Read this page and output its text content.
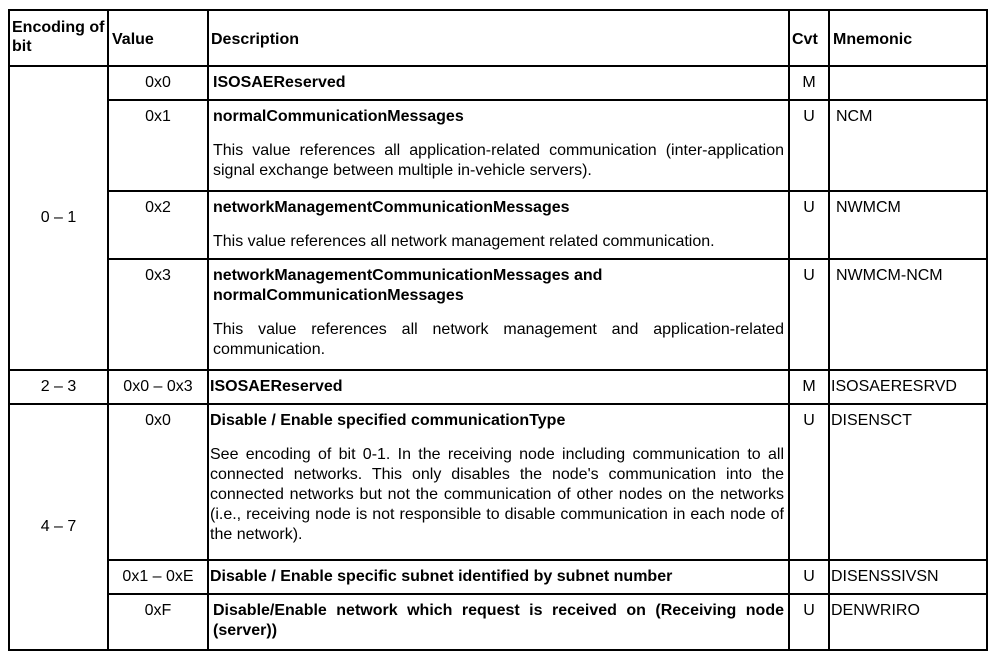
Encoding of bit	Value	Description	Cvt	Mnemonic
0 – 1	0x0	ISOSAEReserved	M	
	0x1	normalCommunicationMessages
This value references all application-related communication (inter-application signal exchange between multiple in-vehicle servers).	U	NCM
	0x2	networkManagementCommunicationMessages
This value references all network management related communication.	U	NWMCM
	0x3	networkManagementCommunicationMessages and normalCommunicationMessages
This value references all network management and application-related communication.	U	NWMCM-NCM
2 – 3	0x0 – 0x3	ISOSAEReserved	M	ISOSAERESRVD
4 – 7	0x0	Disable / Enable specified communicationType
See encoding of bit 0-1. In the receiving node including communication to all connected networks. This only disables the node's communication into the connected networks but not the communication of other nodes on the networks (i.e., receiving node is not responsible to disable communication in each node of the network).	U	DISENSCT
	0x1 – 0xE	Disable / Enable specific subnet identified by subnet number	U	DISENSSIVSN
	0xF	Disable/Enable network which request is received on (Receiving node (server))	U	DENWRIRO
